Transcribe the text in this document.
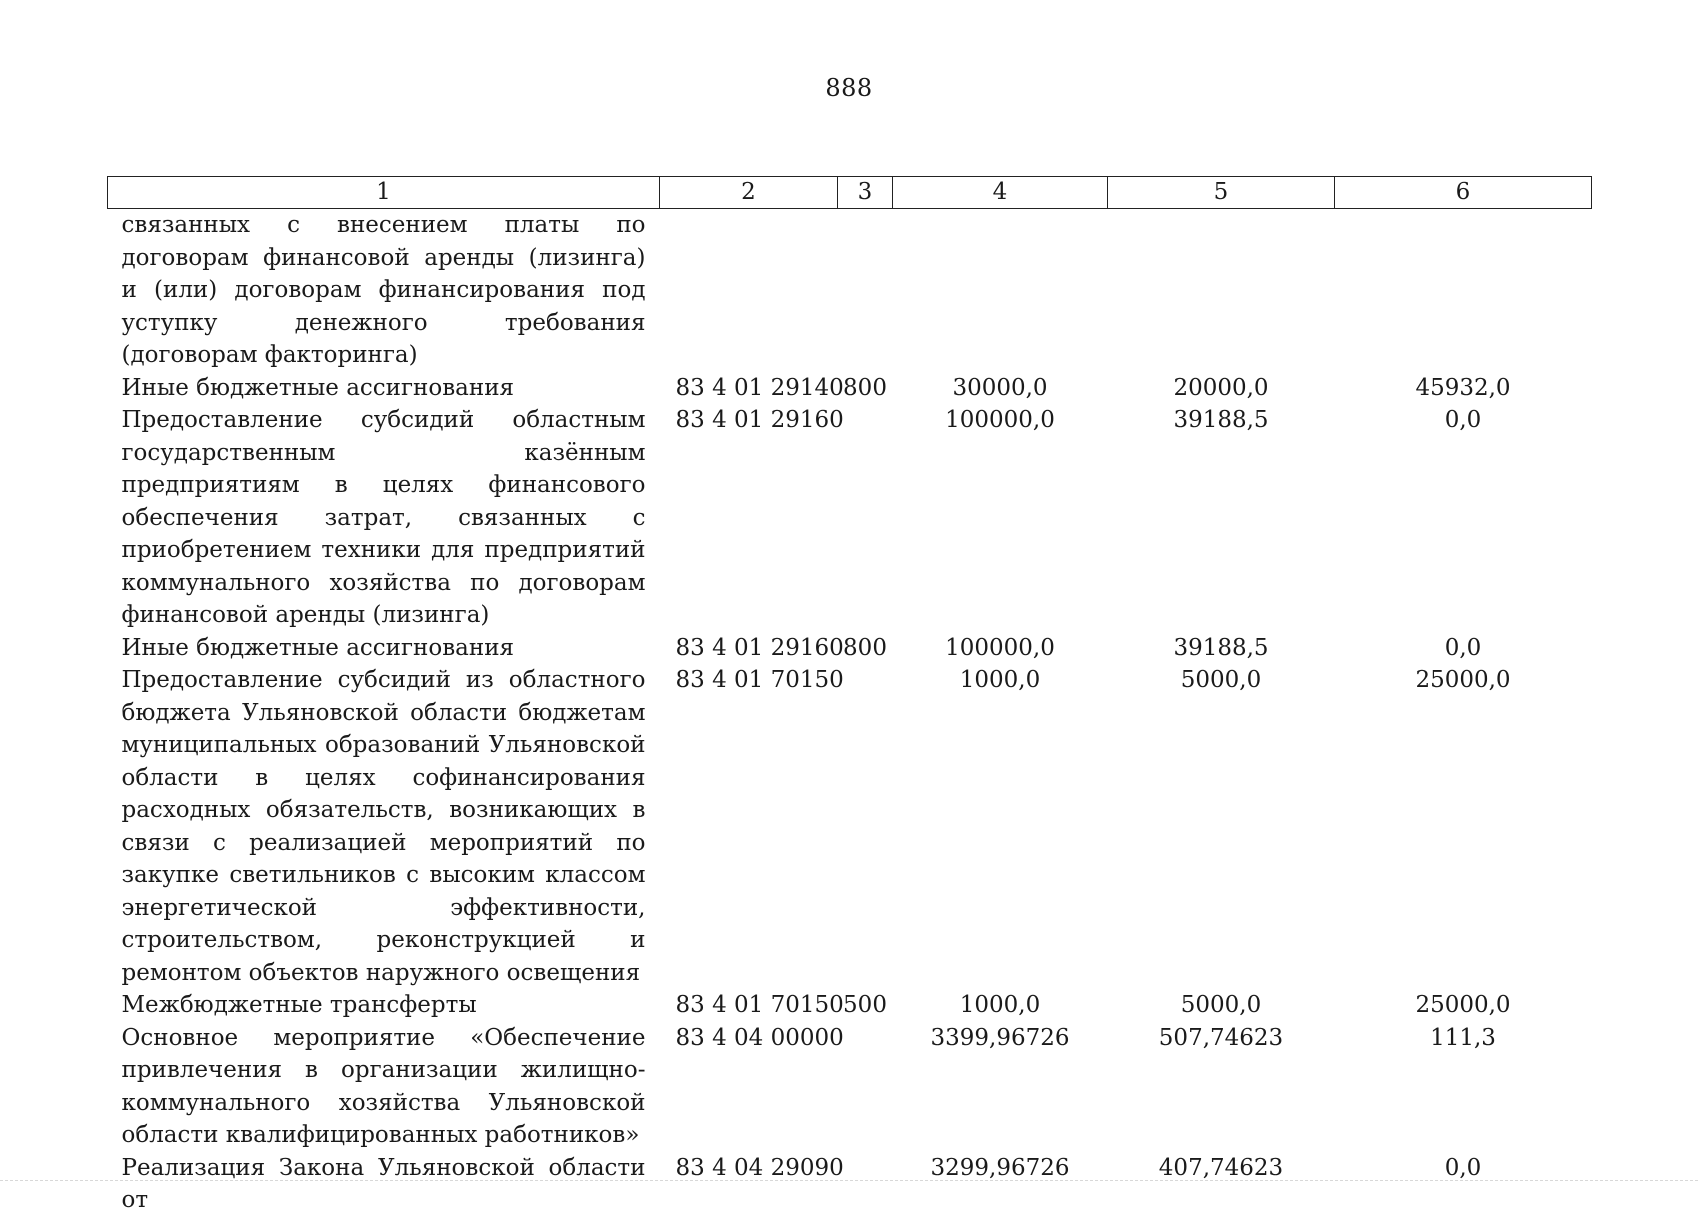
888
1	2	3	4	5	6
связанных с внесением платы по договорам финансовой аренды (лизинга) и (или) договорам финансирования под уступку денежного требования (договорам факторинга)					
Иные бюджетные ассигнования	83 4 01 29140	800	30000,0	20000,0	45932,0
Предоставление субсидий областным государственным казённым предприятиям в целях финансового обеспечения затрат, связанных с приобретением техники для предприятий коммунального хозяйства по договорам финансовой аренды (лизинга)	83 4 01 29160		100000,0	39188,5	0,0
Иные бюджетные ассигнования	83 4 01 29160	800	100000,0	39188,5	0,0
Предоставление субсидий из областного бюджета Ульяновской области бюджетам муниципальных образований Ульяновской области в целях софинансирования расходных обязательств, возникающих в связи с реализацией мероприятий по закупке светильников с высоким классом энергетической эффективности, строительством, реконструкцией и ремонтом объектов наружного освещения	83 4 01 70150		1000,0	5000,0	25000,0
Межбюджетные трансферты	83 4 01 70150	500	1000,0	5000,0	25000,0
Основное мероприятие «Обеспечение привлечения в организации жилищно-коммунального хозяйства Ульяновской области квалифицированных работников»	83 4 04 00000		3399,96726	507,74623	111,3
Реализация Закона Ульяновской области от	83 4 04 29090		3299,96726	407,74623	0,0
